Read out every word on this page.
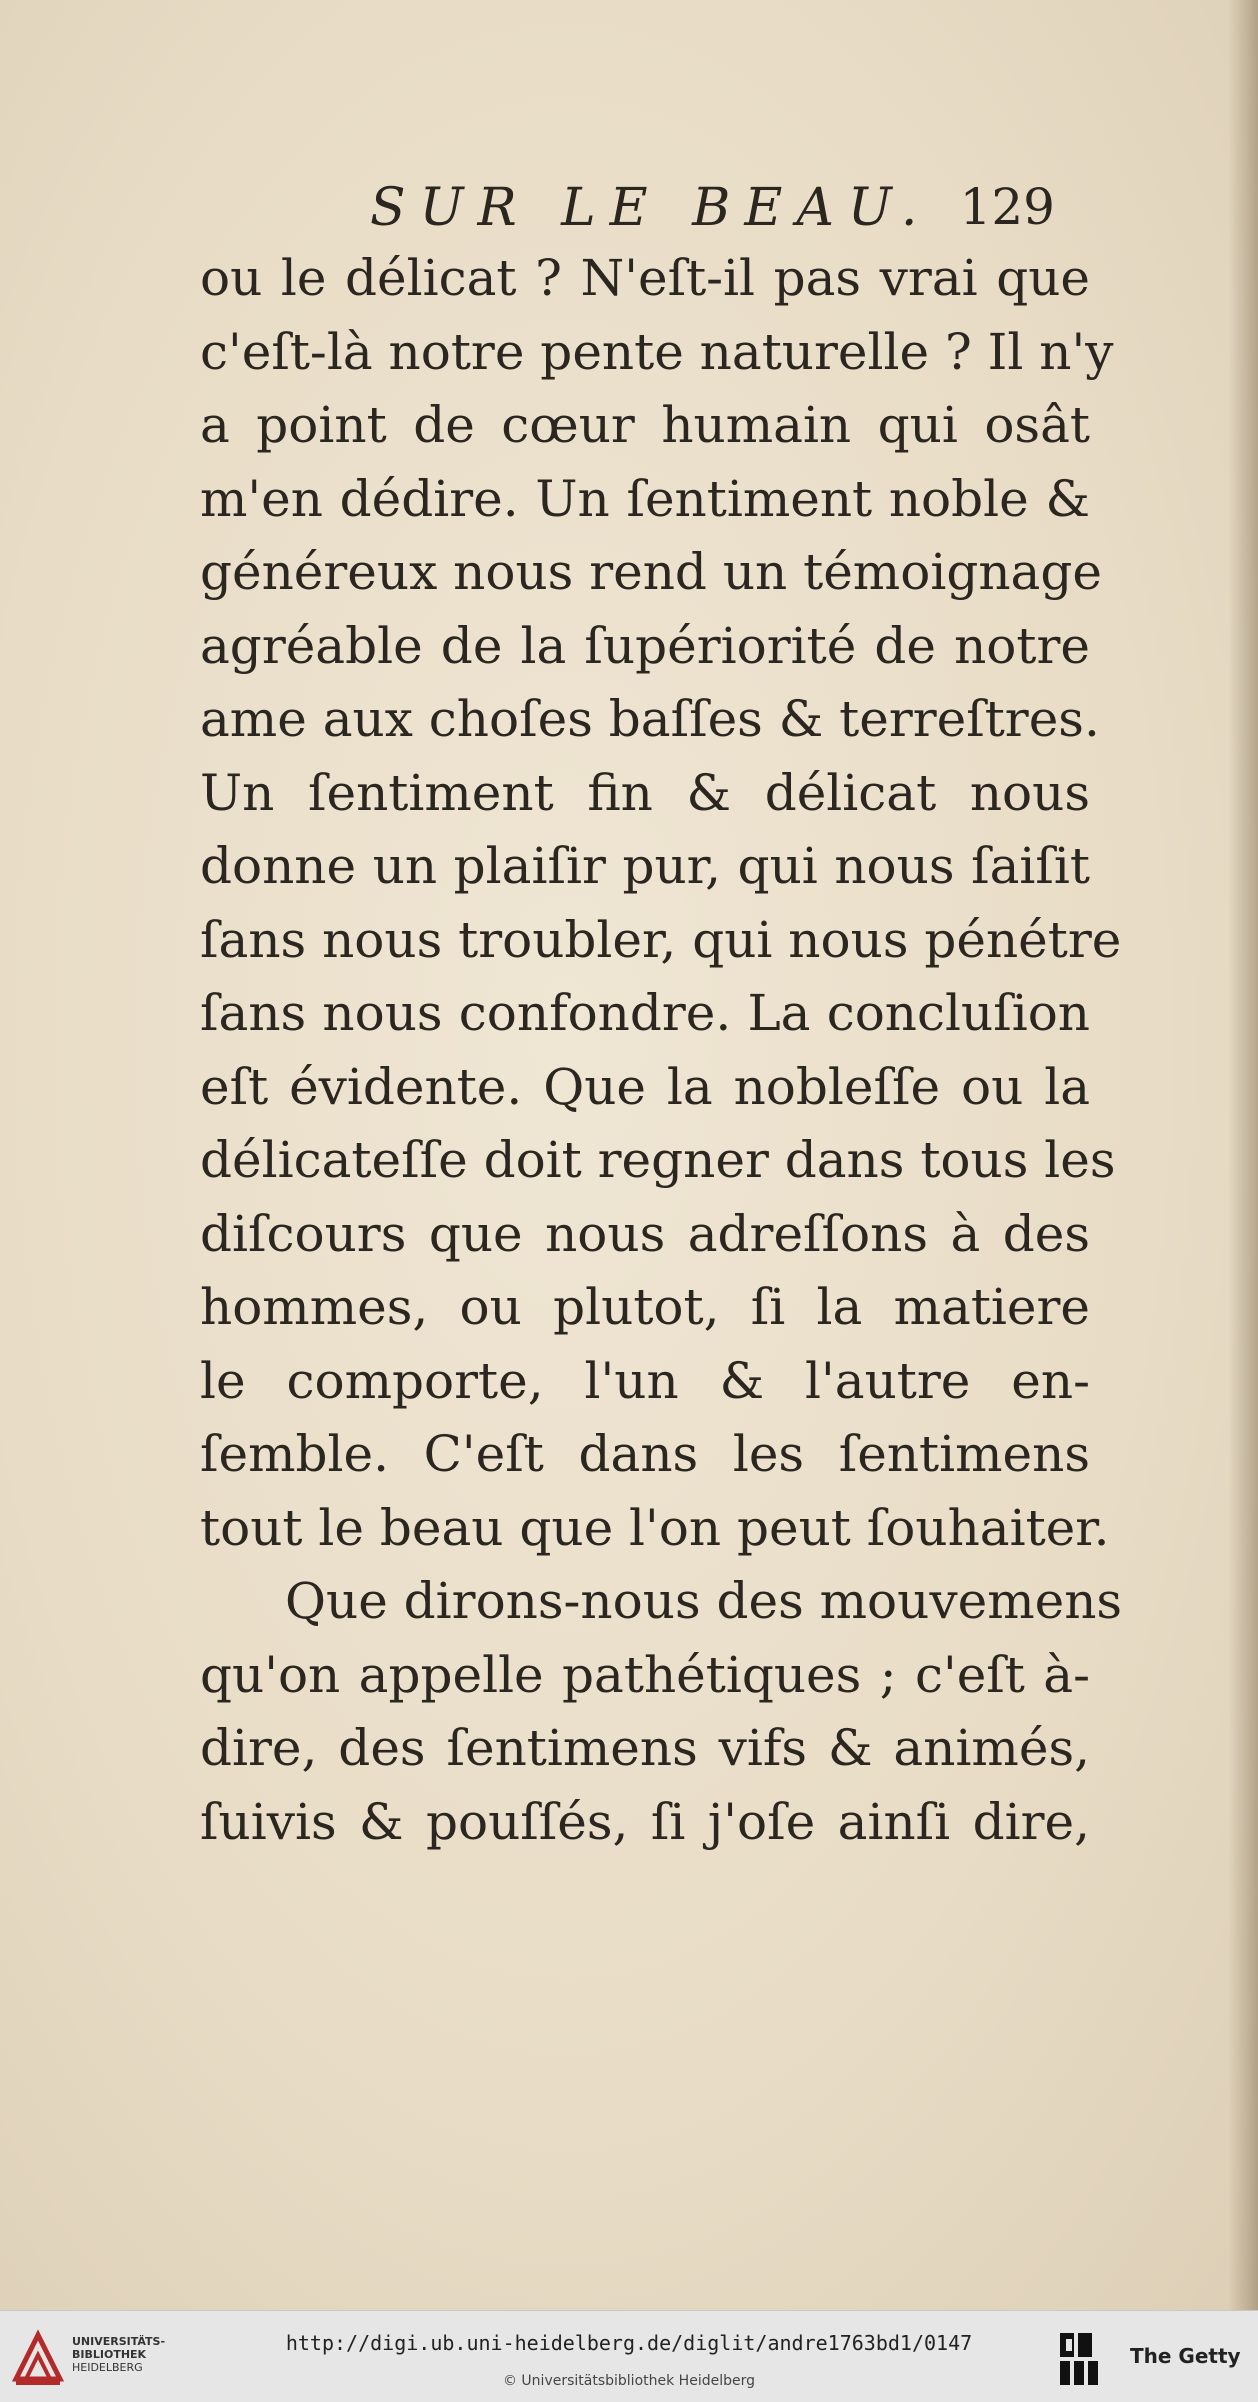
SUR LE BEAU. 129
ou le délicat ? N'eſt-il pas vrai que
c'eſt-là notre pente naturelle ? Il n'y
a point de cœur humain qui osât
m'en dédire. Un ſentiment noble &
généreux nous rend un témoignage
agréable de la ſupériorité de notre
ame aux choſes baſſes & terreſtres.
Un ſentiment fin & délicat nous
donne un plaiſir pur, qui nous ſaiſit
ſans nous troubler, qui nous pénétre
ſans nous confondre. La concluſion
eſt évidente. Que la nobleſſe ou la
délicateſſe doit regner dans tous les
diſcours que nous adreſſons à des
hommes, ou plutot, ſi la matiere
le comporte, l'un & l'autre en-
ſemble. C'eſt dans les ſentimens
tout le beau que l'on peut ſouhaiter.
Que dirons-nous des mouvemens
qu'on appelle pathétiques ; c'eſt à-
dire, des ſentimens vifs & animés,
ſuivis & pouſſés, ſi j'oſe ainſi dire,
UNIVERSITÄTS-
BIBLIOTHEK
HEIDELBERG
http://digi.ub.uni-heidelberg.de/diglit/andre1763bd1/0147
© Universitätsbibliothek Heidelberg
The Getty
